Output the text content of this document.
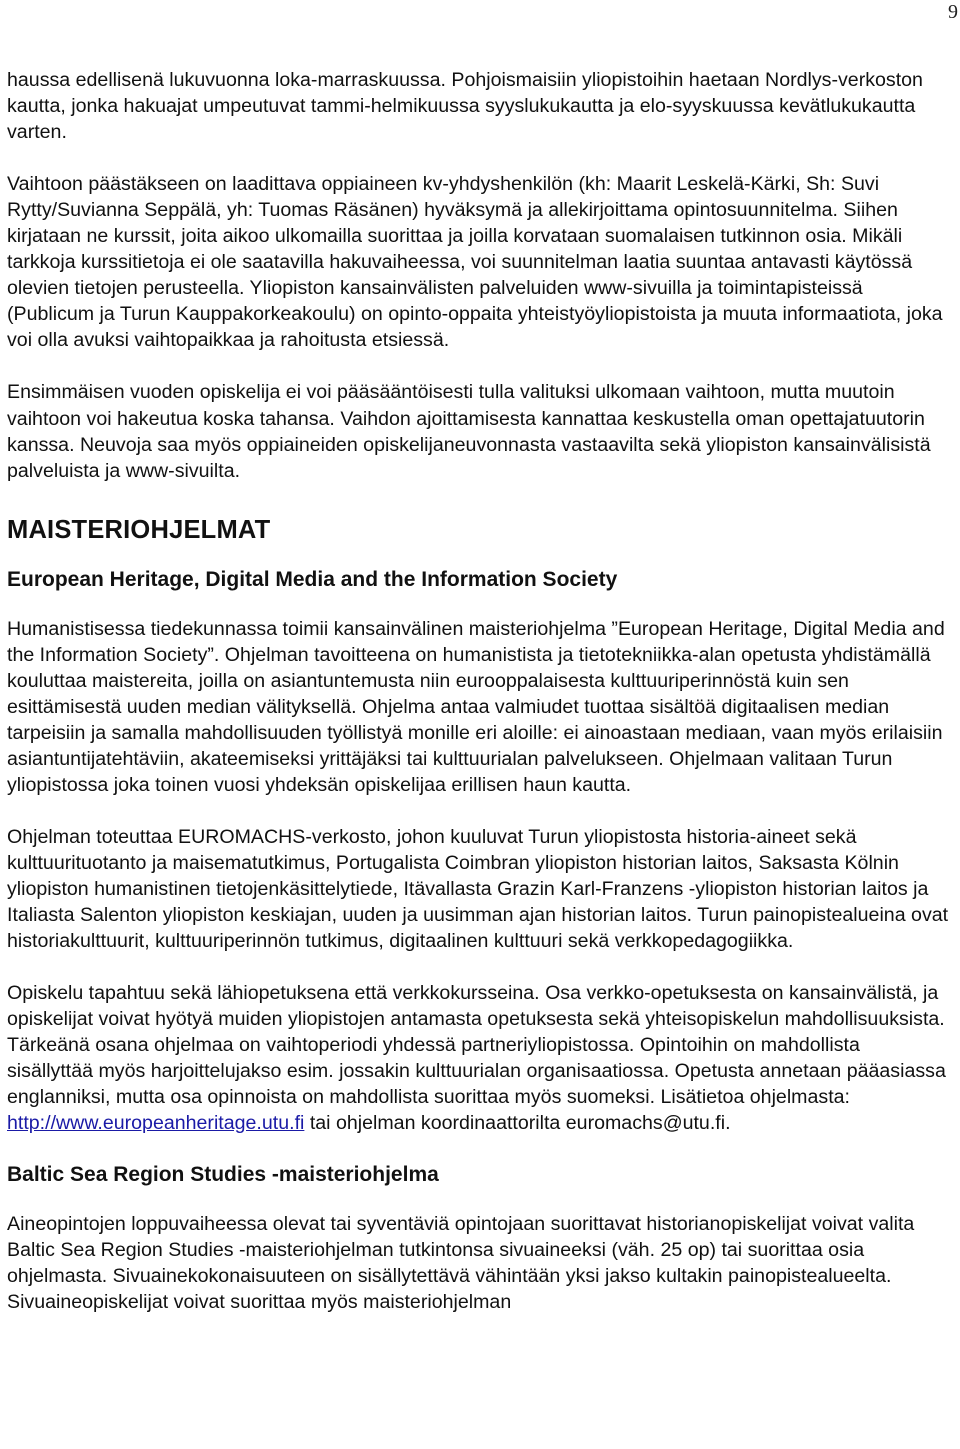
9

haussa edellisenä lukuvuonna loka-marraskuussa. Pohjoismaisiin yliopistoihin haetaan Nordlys-verkoston kautta, jonka hakuajat umpeutuvat tammi-helmikuussa syyslukukautta ja elo-syyskuussa kevätlukukautta varten.

Vaihtoon päästäkseen on laadittava oppiaineen kv-yhdyshenkilön (kh: Maarit Leskelä-Kärki, Sh: Suvi Rytty/Suvianna Seppälä, yh: Tuomas Räsänen) hyväksymä ja allekirjoittama opintosuunnitelma. Siihen kirjataan ne kurssit, joita aikoo ulkomailla suorittaa ja joilla korvataan suomalaisen tutkinnon osia. Mikäli tarkkoja kurssitietoja ei ole saatavilla hakuvaiheessa, voi suunnitelman laatia suuntaa antavasti käytössä olevien tietojen perusteella. Yliopiston kansainvälisten palveluiden www-sivuilla ja toimintapisteissä (Publicum ja Turun Kauppakorkeakoulu) on opinto-oppaita yhteistyöyliopistoista ja muuta informaatiota, joka voi olla avuksi vaihtopaikkaa ja rahoitusta etsiessä.

Ensimmäisen vuoden opiskelija ei voi pääsääntöisesti tulla valituksi ulkomaan vaihtoon, mutta muutoin vaihtoon voi hakeutua koska tahansa. Vaihdon ajoittamisesta kannattaa keskustella oman opettajatuutorin kanssa. Neuvoja saa myös oppiaineiden opiskelijaneuvonnasta vastaavilta sekä yliopiston kansainvälisistä palveluista ja www-sivuilta.

MAISTERIOHJELMAT
European Heritage, Digital Media and the Information Society

Humanistisessa tiedekunnassa toimii kansainvälinen maisteriohjelma ”European Heritage, Digital Media and the Information Society”. Ohjelman tavoitteena on humanistista ja tietotekniikka-alan opetusta yhdistämällä kouluttaa maistereita, joilla on asiantuntemusta niin eurooppalaisesta kulttuuriperinnöstä kuin sen esittämisestä uuden median välityksellä. Ohjelma antaa valmiudet tuottaa sisältöä digitaalisen median tarpeisiin ja samalla mahdollisuuden työllistyä monille eri aloille: ei ainoastaan mediaan, vaan myös erilaisiin asiantuntijatehtäviin, akateemiseksi yrittäjäksi tai kulttuurialan palvelukseen. Ohjelmaan valitaan Turun yliopistossa joka toinen vuosi yhdeksän opiskelijaa erillisen haun kautta.

Ohjelman toteuttaa EUROMACHS-verkosto, johon kuuluvat Turun yliopistosta historia-aineet sekä kulttuurituotanto ja maisematutkimus, Portugalista Coimbran yliopiston historian laitos, Saksasta Kölnin yliopiston humanistinen tietojenkäsittelytiede, Itävallasta Grazin Karl-Franzens -yliopiston historian laitos ja Italiasta Salenton yliopiston keskiajan, uuden ja uusimman ajan historian laitos. Turun painopistealueina ovat historiakulttuurit, kulttuuriperinnön tutkimus, digitaalinen kulttuuri sekä verkkopedagogiikka.

Opiskelu tapahtuu sekä lähiopetuksena että verkkokursseina. Osa verkko-opetuksesta on kansainvälistä, ja opiskelijat voivat hyötyä muiden yliopistojen antamasta opetuksesta sekä yhteisopiskelun mahdollisuuksista. Tärkeänä osana ohjelmaa on vaihtoperiodi yhdessä partneriyliopistossa. Opintoihin on mahdollista sisällyttää myös harjoittelujakso esim. jossakin kulttuurialan organisaatiossa. Opetusta annetaan pääasiassa englanniksi, mutta osa opinnoista on mahdollista suorittaa myös suomeksi. Lisätietoa ohjelmasta: http://www.europeanheritage.utu.fi tai ohjelman koordinaattorilta euromachs@utu.fi.

Baltic Sea Region Studies -maisteriohjelma

Aineopintojen loppuvaiheessa olevat tai syventäviä opintojaan suorittavat historianopiskelijat voivat valita Baltic Sea Region Studies -maisteriohjelman tutkintonsa sivuaineeksi (väh. 25 op) tai suorittaa osia ohjelmasta. Sivuainekokonaisuuteen on sisällytettävä vähintään yksi jakso kultakin painopistealueelta. Sivuaineopiskelijat voivat suorittaa myös maisteriohjelman
